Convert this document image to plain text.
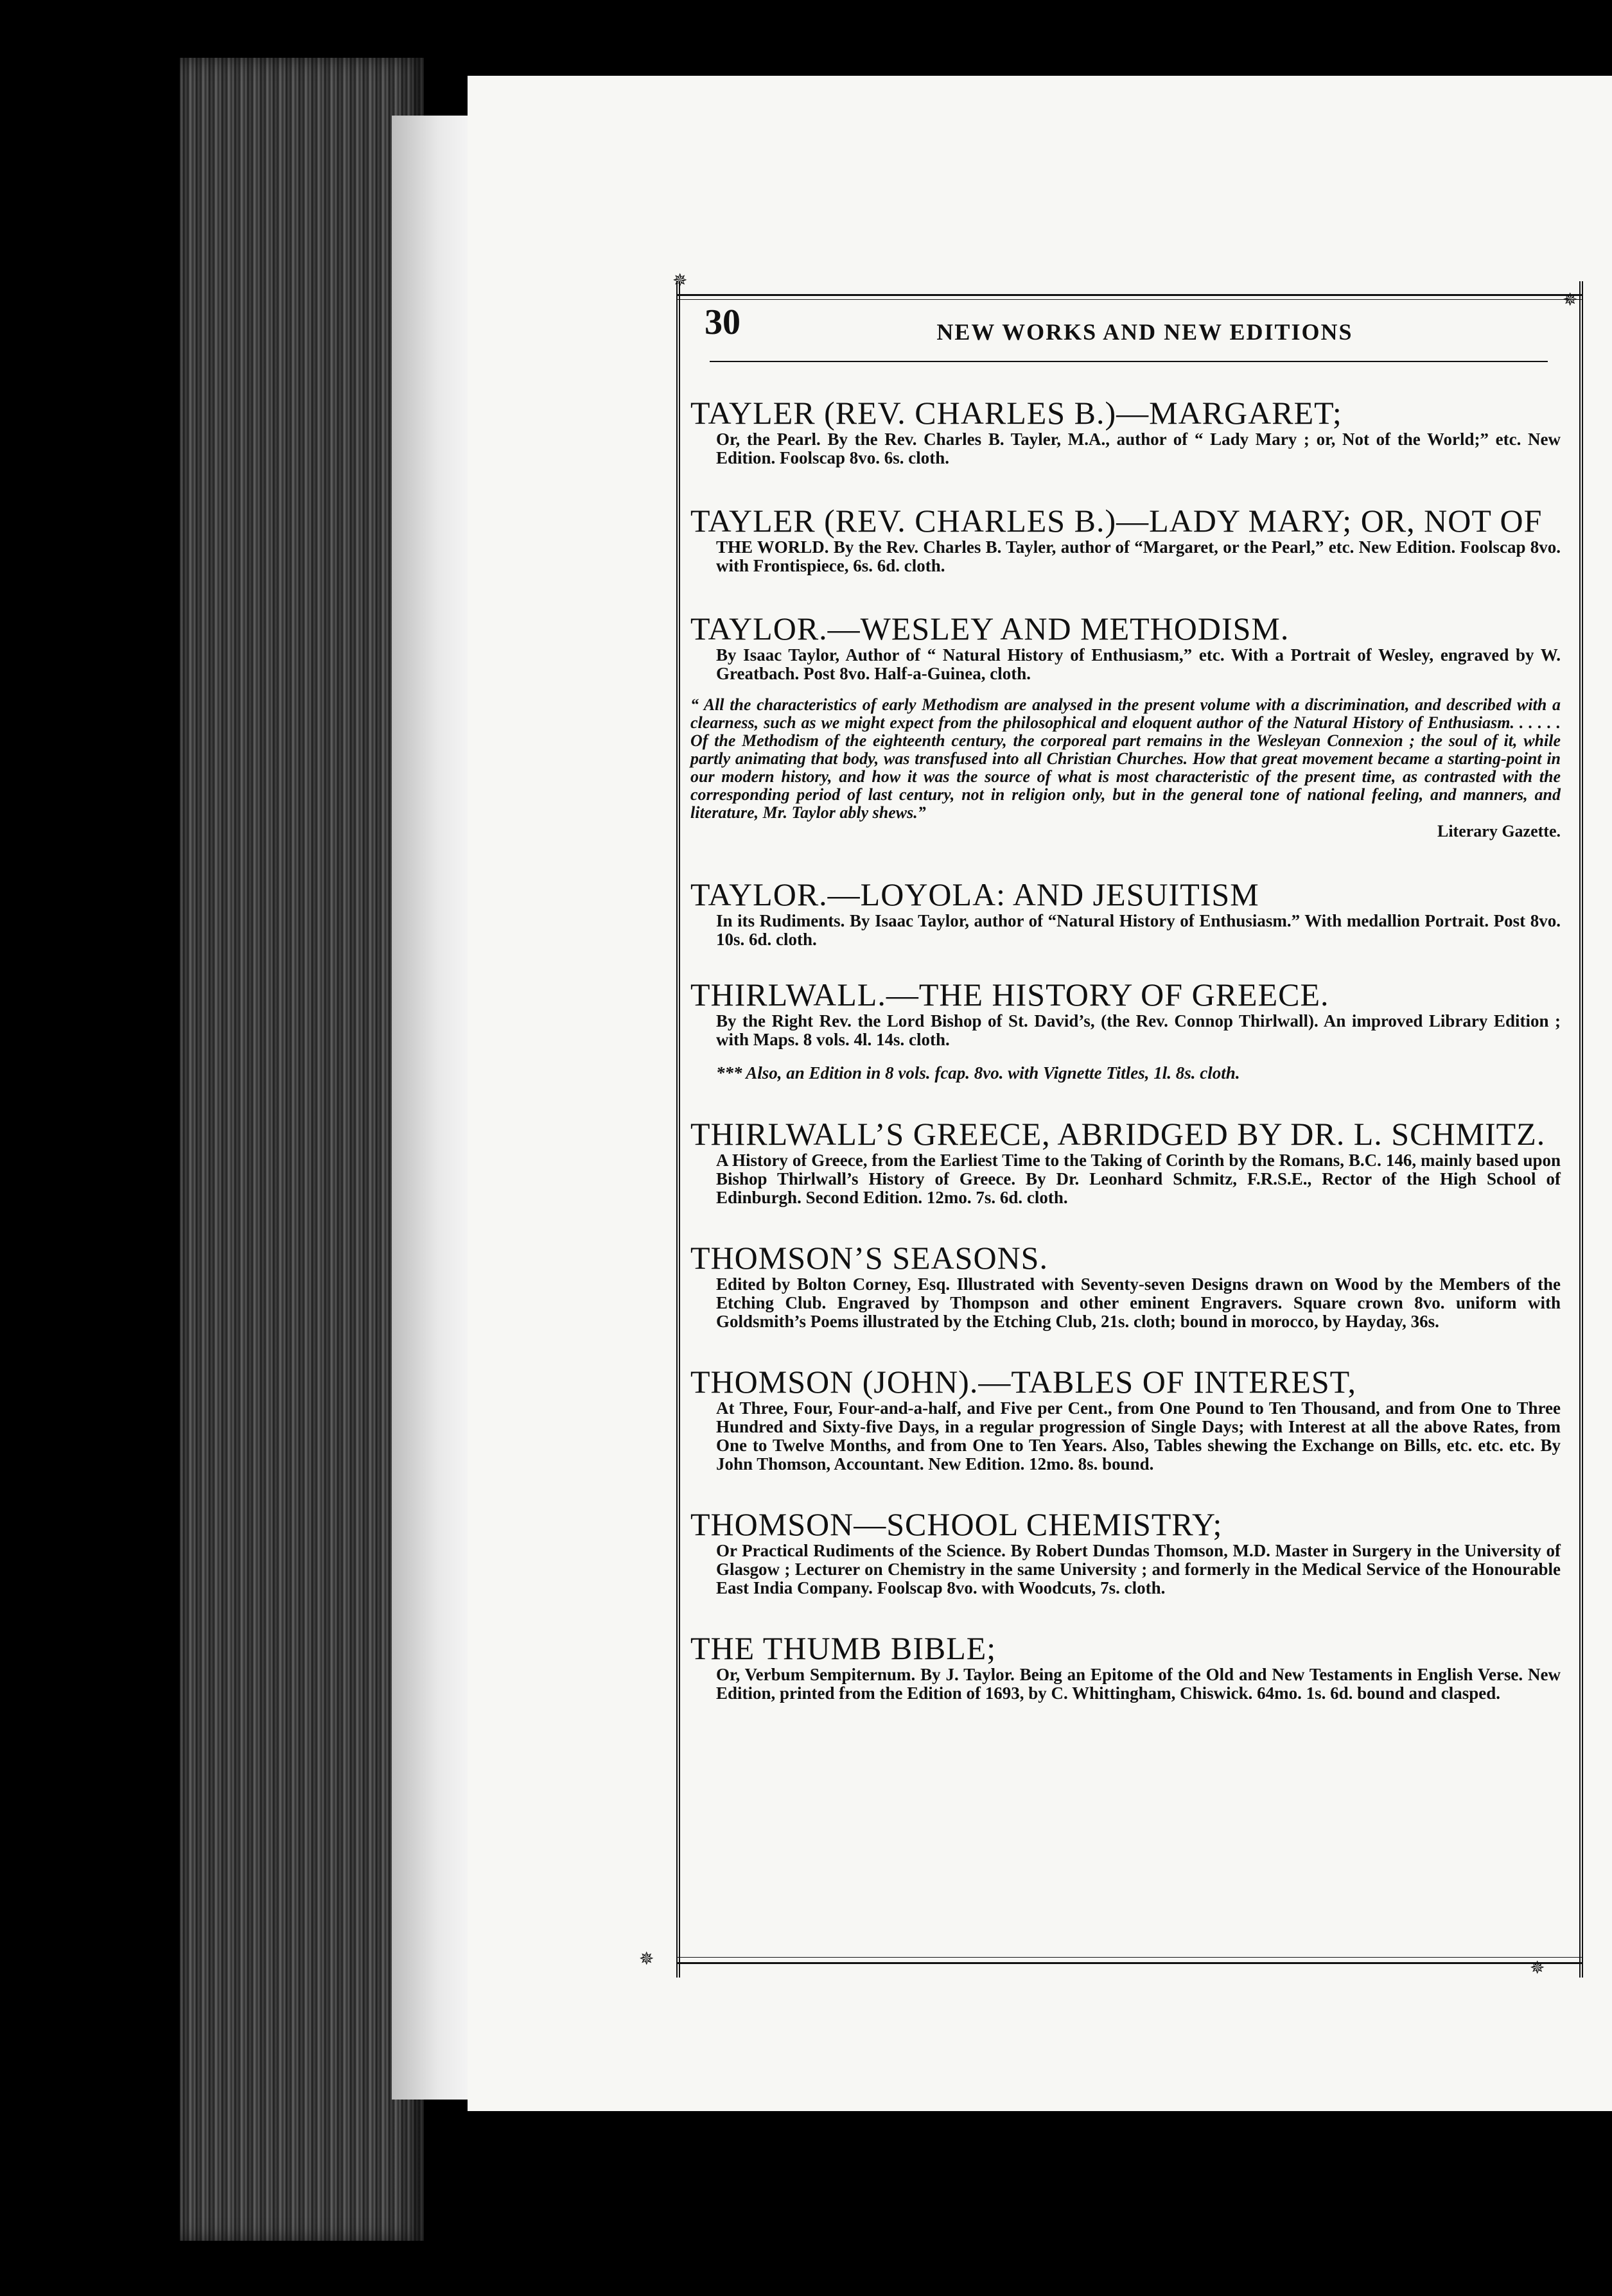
✵
✵
✵	✵
30	NEW WORKS AND NEW EDITIONS

TAYLER (REV. CHARLES B.)—MARGARET;

Or, the Pearl. By the Rev. Charles B. Tayler, M.A., author of “ Lady Mary ; or, Not of the World;” etc. New Edition. Foolscap 8vo. 6s. cloth.

TAYLER (REV. CHARLES B.)—LADY MARY; OR, NOT OF

THE WORLD. By the Rev. Charles B. Tayler, author of “Margaret, or the Pearl,” etc. New Edition. Foolscap 8vo. with Frontispiece, 6s. 6d. cloth.

TAYLOR.—WESLEY AND METHODISM.

By Isaac Taylor, Author of “ Natural History of Enthusiasm,” etc. With a Portrait of Wesley, engraved by W. Greatbach. Post 8vo. Half-a-Guinea, cloth.

“ All the characteristics of early Methodism are analysed in the present volume with a discrimination, and described with a clearness, such as we might expect from the philosophical and eloquent author of the Natural History of Enthusiasm. . . . . . Of the Methodism of the eighteenth century, the corporeal part remains in the Wesleyan Connexion ; the soul of it, while partly animating that body, was transfused into all Christian Churches. How that great movement became a starting-point in our modern history, and how it was the source of what is most characteristic of the present time, as contrasted with the corresponding period of last century, not in religion only, but in the general tone of national feeling, and manners, and literature, Mr. Taylor ably shews.”

Literary Gazette.

TAYLOR.—LOYOLA: AND JESUITISM

In its Rudiments. By Isaac Taylor, author of “Natural History of Enthusiasm.” With medallion Portrait. Post 8vo. 10s. 6d. cloth.

THIRLWALL.—THE HISTORY OF GREECE.

By the Right Rev. the Lord Bishop of St. David’s, (the Rev. Connop Thirlwall). An improved Library Edition ; with Maps. 8 vols. 4l. 14s. cloth.

*** Also, an Edition in 8 vols. fcap. 8vo. with Vignette Titles, 1l. 8s. cloth.

THIRLWALL’S GREECE, ABRIDGED BY DR. L. SCHMITZ.

A History of Greece, from the Earliest Time to the Taking of Corinth by the Romans, B.C. 146, mainly based upon Bishop Thirlwall’s History of Greece. By Dr. Leonhard Schmitz, F.R.S.E., Rector of the High School of Edinburgh. Second Edition. 12mo. 7s. 6d. cloth.

THOMSON’S SEASONS.

Edited by Bolton Corney, Esq. Illustrated with Seventy-seven Designs drawn on Wood by the Members of the Etching Club. Engraved by Thompson and other eminent Engravers. Square crown 8vo. uniform with Goldsmith’s Poems illustrated by the Etching Club, 21s. cloth; bound in morocco, by Hayday, 36s.

THOMSON (JOHN).—TABLES OF INTEREST,

At Three, Four, Four-and-a-half, and Five per Cent., from One Pound to Ten Thousand, and from One to Three Hundred and Sixty-five Days, in a regular progression of Single Days; with Interest at all the above Rates, from One to Twelve Months, and from One to Ten Years. Also, Tables shewing the Exchange on Bills, etc. etc. etc. By John Thomson, Accountant. New Edition. 12mo. 8s. bound.

THOMSON—SCHOOL CHEMISTRY;

Or Practical Rudiments of the Science. By Robert Dundas Thomson, M.D. Master in Surgery in the University of Glasgow ; Lecturer on Chemistry in the same University ; and formerly in the Medical Service of the Honourable East India Company. Foolscap 8vo. with Woodcuts, 7s. cloth.

THE THUMB BIBLE;

Or, Verbum Sempiternum. By J. Taylor. Being an Epitome of the Old and New Testaments in English Verse. New Edition, printed from the Edition of 1693, by C. Whittingham, Chiswick. 64mo. 1s. 6d. bound and clasped.
